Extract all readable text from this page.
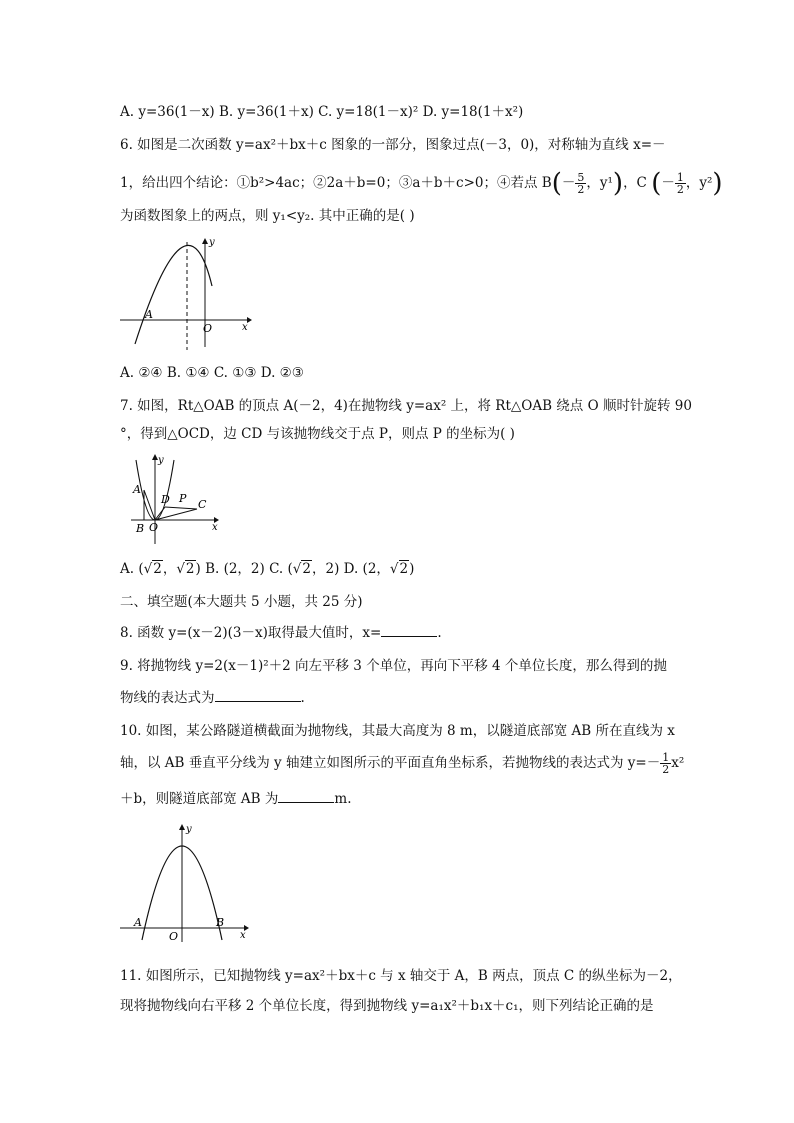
A. y=36(1－x) B. y=36(1＋x) C. y=18(1－x)² D. y=18(1＋x²)
6. 如图是二次函数 y=ax²＋bx＋c 图象的一部分，图象过点(－3，0)，对称轴为直线 x=－
1，给出四个结论：①b²>4ac；②2a＋b=0；③a＋b＋c>0；④若点 $B(- \frac{5}{2}$ ，y¹)，C (－ $\frac{1}{2}$ ，y²)
为函数图象上的两点，则 y₁<y₂. 其中正确的是( )
y
x
A
O
A. ②④ B. ①④ C. ①③ D. ②③
7. 如图，Rt△OAB 的顶点 A(－2，4)在抛物线 y=ax² 上，将 Rt△OAB 绕点 O 顺时针旋转 90
°，得到△OCD，边 CD 与该抛物线交于点 P，则点 P 的坐标为( )
y
x
A
B O
D P C
A. (√2，√2) B. (2，2) C. (√2，2) D. (2，√2)
二、填空题(本大题共 5 小题，共 25 分)
8. 函数 y=(x－2)(3－x)取得最大值时，x=	.
9. 将抛物线 y=2(x－1)²＋2 向左平移 3 个单位，再向下平移 4 个单位长度，那么得到的抛
物线的表达式为	.
10. 如图，某公路隧道横截面为抛物线，其最大高度为 8 m，以隧道底部宽 AB 所在直线为 x
轴，以 AB 垂直平分线为 y 轴建立如图所示的平面直角坐标系，若抛物线的表达式为 $y=- \frac{1}{2} x^2$
＋b，则隧道底部宽 AB 为	m.
y
x
A	B
O
11. 如图所示，已知抛物线 y=ax²＋bx＋c 与 x 轴交于 A，B 两点，顶点 C 的纵坐标为－2，
现将抛物线向右平移 2 个单位长度，得到抛物线 y=a₁x²＋b₁x＋c₁，则下列结论正确的是
